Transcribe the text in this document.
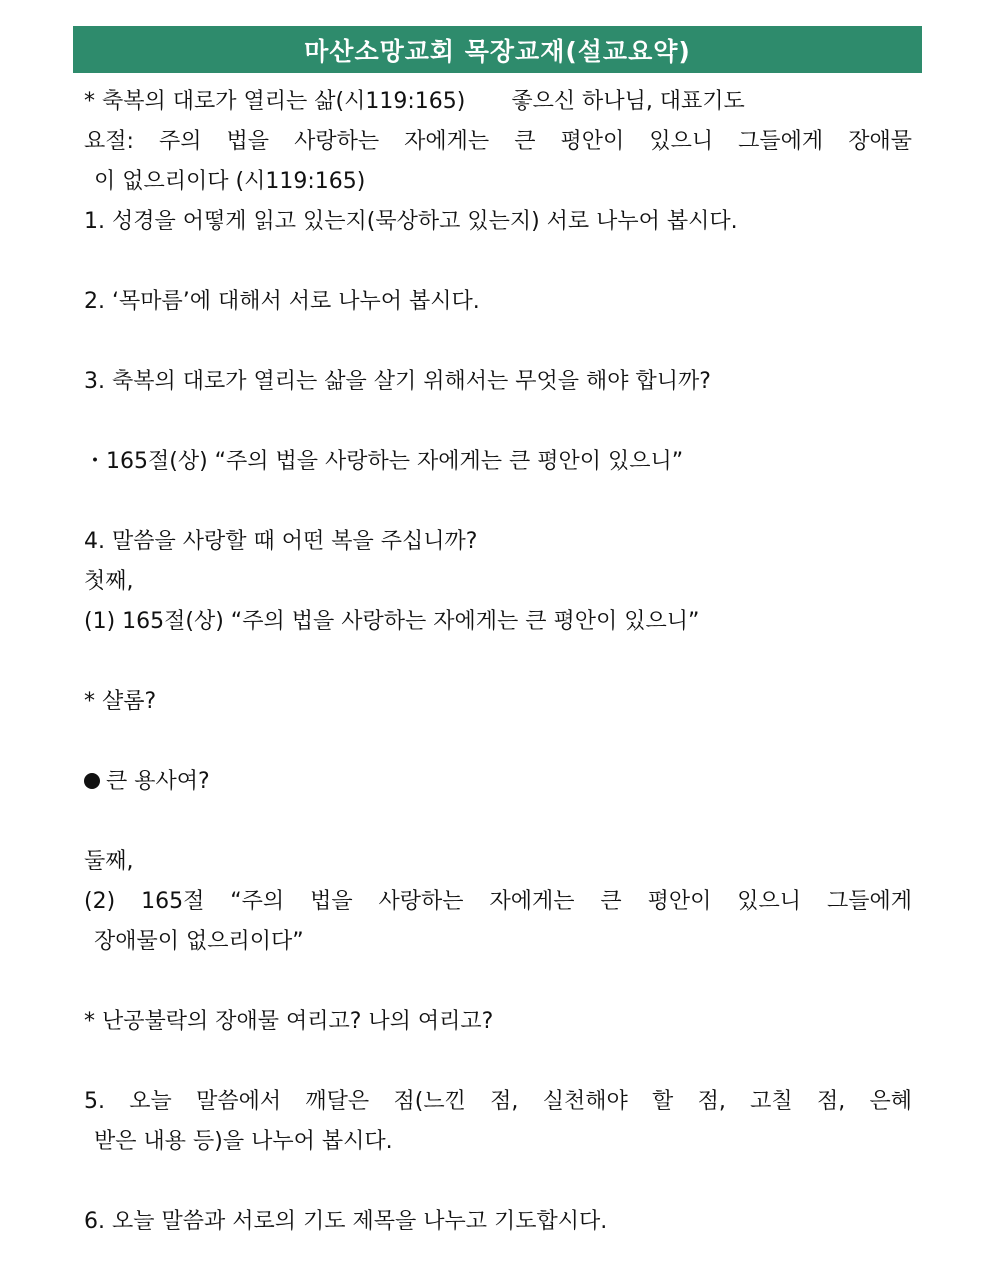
마산소망교회 목장교재(설교요약)
* 축복의 대로가 열리는 삶(시119:165) 좋으신 하나님, 대표기도
요절: 주의 법을 사랑하는 자에게는 큰 평안이 있으니 그들에게 장애물
이 없으리이다 (시119:165)
1. 성경을 어떻게 읽고 있는지(묵상하고 있는지) 서로 나누어 봅시다.
2. ‘목마름’에 대해서 서로 나누어 봅시다.
3. 축복의 대로가 열리는 삶을 살기 위해서는 무엇을 해야 합니까?
・165절(상) “주의 법을 사랑하는 자에게는 큰 평안이 있으니”
4. 말씀을 사랑할 때 어떤 복을 주십니까?
첫째,
(1) 165절(상) “주의 법을 사랑하는 자에게는 큰 평안이 있으니”
* 샬롬?
큰 용사여?
둘째,
(2) 165절 “주의 법을 사랑하는 자에게는 큰 평안이 있으니 그들에게
장애물이 없으리이다”
* 난공불락의 장애물 여리고? 나의 여리고?
5. 오늘 말씀에서 깨달은 점(느낀 점, 실천해야 할 점, 고칠 점, 은혜
받은 내용 등)을 나누어 봅시다.
6. 오늘 말씀과 서로의 기도 제목을 나누고 기도합시다.
